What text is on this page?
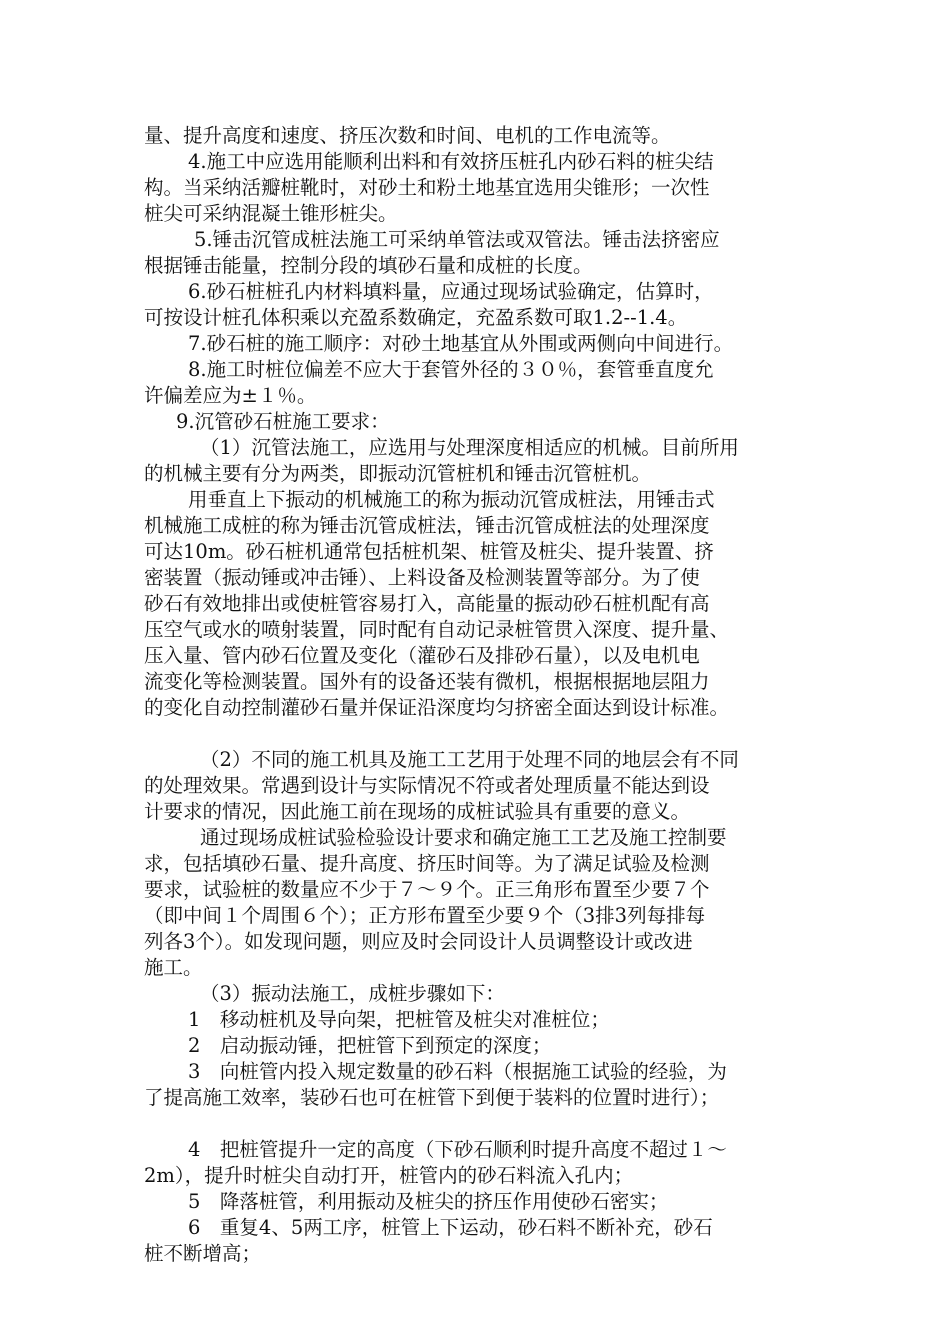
量、提升高度和速度、挤压次数和时间、电机的工作电流等。
4.施工中应选用能顺利出料和有效挤压桩孔内砂石料的桩尖结
构。当采纳活瓣桩靴时，对砂土和粉土地基宜选用尖锥形；一次性
桩尖可采纳混凝土锥形桩尖。
5.锤击沉管成桩法施工可采纳单管法或双管法。锤击法挤密应
根据锤击能量，控制分段的填砂石量和成桩的长度。
6.砂石桩桩孔内材料填料量，应通过现场试验确定，估算时，
可按设计桩孔体积乘以充盈系数确定，充盈系数可取1.2--1.4。
7.砂石桩的施工顺序：对砂土地基宜从外围或两侧向中间进行。
8.施工时桩位偏差不应大于套管外径的３０％，套管垂直度允
许偏差应为±１％。
9.沉管砂石桩施工要求：
（1）沉管法施工，应选用与处理深度相适应的机械。目前所用
的机械主要有分为两类，即振动沉管桩机和锤击沉管桩机。
用垂直上下振动的机械施工的称为振动沉管成桩法，用锤击式
机械施工成桩的称为锤击沉管成桩法，锤击沉管成桩法的处理深度
可达10m。砂石桩机通常包括桩机架、桩管及桩尖、提升装置、挤
密装置（振动锤或冲击锤）、上料设备及检测装置等部分。为了使
砂石有效地排出或使桩管容易打入，高能量的振动砂石桩机配有高
压空气或水的喷射装置，同时配有自动记录桩管贯入深度、提升量、
压入量、管内砂石位置及变化（灌砂石及排砂石量），以及电机电
流变化等检测装置。国外有的设备还装有微机，根据根据地层阻力
的变化自动控制灌砂石量并保证沿深度均匀挤密全面达到设计标准。
（2）不同的施工机具及施工工艺用于处理不同的地层会有不同
的处理效果。常遇到设计与实际情况不符或者处理质量不能达到设
计要求的情况，因此施工前在现场的成桩试验具有重要的意义。
通过现场成桩试验检验设计要求和确定施工工艺及施工控制要
求，包括填砂石量、提升高度、挤压时间等。为了满足试验及检测
要求，试验桩的数量应不少于７～９个。正三角形布置至少要７个
（即中间１个周围６个）；正方形布置至少要９个（3排3列每排每
列各3个）。如发现问题，则应及时会同设计人员调整设计或改进
施工。
（3）振动法施工，成桩步骤如下：
1　移动桩机及导向架，把桩管及桩尖对准桩位；
2　启动振动锤，把桩管下到预定的深度；
3　向桩管内投入规定数量的砂石料（根据施工试验的经验，为
了提高施工效率，装砂石也可在桩管下到便于装料的位置时进行）；
4　把桩管提升一定的高度（下砂石顺利时提升高度不超过１～
2m），提升时桩尖自动打开，桩管内的砂石料流入孔内；
5　降落桩管，利用振动及桩尖的挤压作用使砂石密实；
6　重复4、5两工序，桩管上下运动，砂石料不断补充，砂石
桩不断增高；
